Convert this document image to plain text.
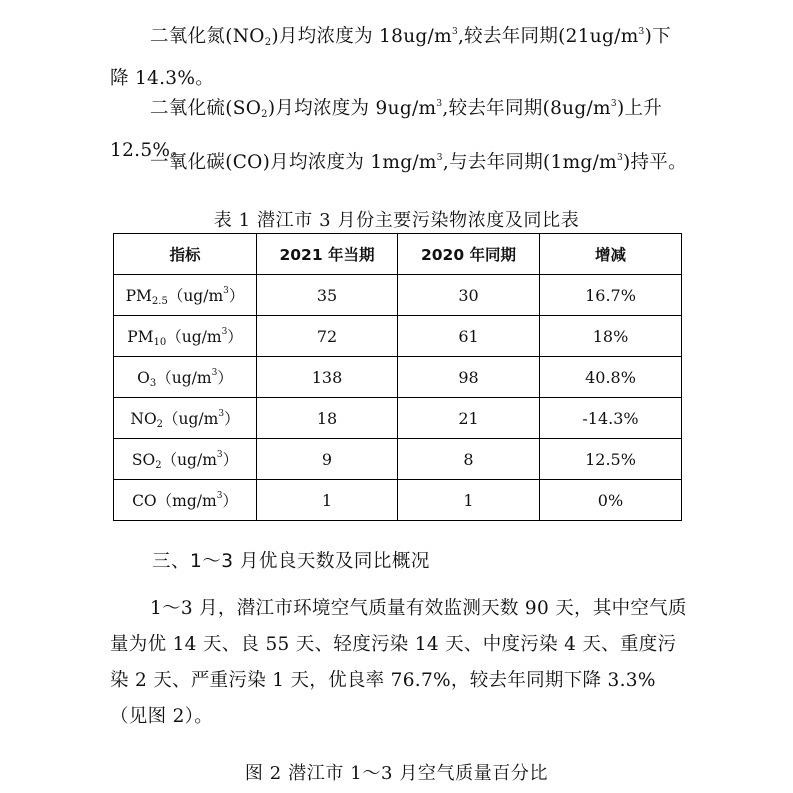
二氧化氮$(NO_2)$月均浓度为 $18ug/m^3$,较去年同期$(21ug/m^3)$下降 14.3%。
二氧化硫$(SO_2)$月均浓度为 $9ug/m^3$,较去年同期$(8ug/m^3)$上升 12.5%。
一氧化碳(CO)月均浓度为 $1mg/m^3$,与去年同期$(1mg/m^3)$持平。
表 1 潜江市 3 月份主要污染物浓度及同比表
指标	2021 年当期	2020 年同期	增减
$PM_{2.5}(ug/m^3)$	35	30	16.7%
$PM_{10}(ug/m^3)$	72	61	18%
$O_3(ug/m^3)$	138	98	40.8%
$NO_2(ug/m^3)$	18	21	-14.3%
$SO_2(ug/m^3)$	9	8	12.5%
$CO(mg/m^3)$	1	1	0%
三、1～3 月优良天数及同比概况
1～3 月，潜江市环境空气质量有效监测天数 90 天，其中空气质量为优 14 天、良 55 天、轻度污染 14 天、中度污染 4 天、重度污染 2 天、严重污染 1 天，优良率 76.7%，较去年同期下降 3.3%（见图 2）。
图 2 潜江市 1～3 月空气质量百分比
